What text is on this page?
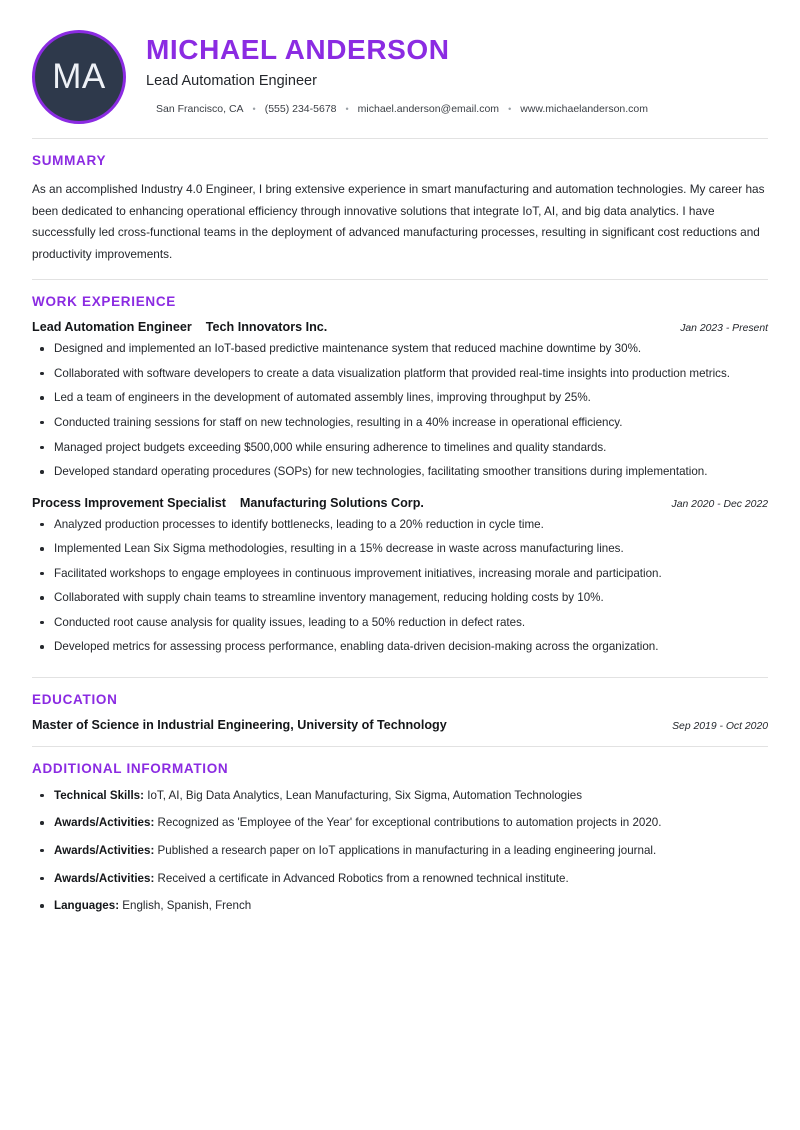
MA
MICHAEL ANDERSON
Lead Automation Engineer
San Francisco, CA	• (555) 234-5678	• michael.anderson@email.com	• www.michaelanderson.com
SUMMARY
As an accomplished Industry 4.0 Engineer, I bring extensive experience in smart manufacturing and automation technologies. My career has been dedicated to enhancing operational efficiency through innovative solutions that integrate IoT, AI, and big data analytics. I have successfully led cross-functional teams in the deployment of advanced manufacturing processes, resulting in significant cost reductions and productivity improvements.
WORK EXPERIENCE
Lead Automation Engineer Tech Innovators Inc.	Jan 2023 - Present
Designed and implemented an IoT-based predictive maintenance system that reduced machine downtime by 30%.
Collaborated with software developers to create a data visualization platform that provided real-time insights into production metrics.
Led a team of engineers in the development of automated assembly lines, improving throughput by 25%.
Conducted training sessions for staff on new technologies, resulting in a 40% increase in operational efficiency.
Managed project budgets exceeding $500,000 while ensuring adherence to timelines and quality standards.
Developed standard operating procedures (SOPs) for new technologies, facilitating smoother transitions during implementation.
Process Improvement Specialist Manufacturing Solutions Corp.	Jan 2020 - Dec 2022
Analyzed production processes to identify bottlenecks, leading to a 20% reduction in cycle time.
Implemented Lean Six Sigma methodologies, resulting in a 15% decrease in waste across manufacturing lines.
Facilitated workshops to engage employees in continuous improvement initiatives, increasing morale and participation.
Collaborated with supply chain teams to streamline inventory management, reducing holding costs by 10%.
Conducted root cause analysis for quality issues, leading to a 50% reduction in defect rates.
Developed metrics for assessing process performance, enabling data-driven decision-making across the organization.
EDUCATION
Master of Science in Industrial Engineering, University of Technology	Sep 2019 - Oct 2020
ADDITIONAL INFORMATION
Technical Skills: IoT, AI, Big Data Analytics, Lean Manufacturing, Six Sigma, Automation Technologies
Awards/Activities: Recognized as 'Employee of the Year' for exceptional contributions to automation projects in 2020.
Awards/Activities: Published a research paper on IoT applications in manufacturing in a leading engineering journal.
Awards/Activities: Received a certificate in Advanced Robotics from a renowned technical institute.
Languages: English, Spanish, French
